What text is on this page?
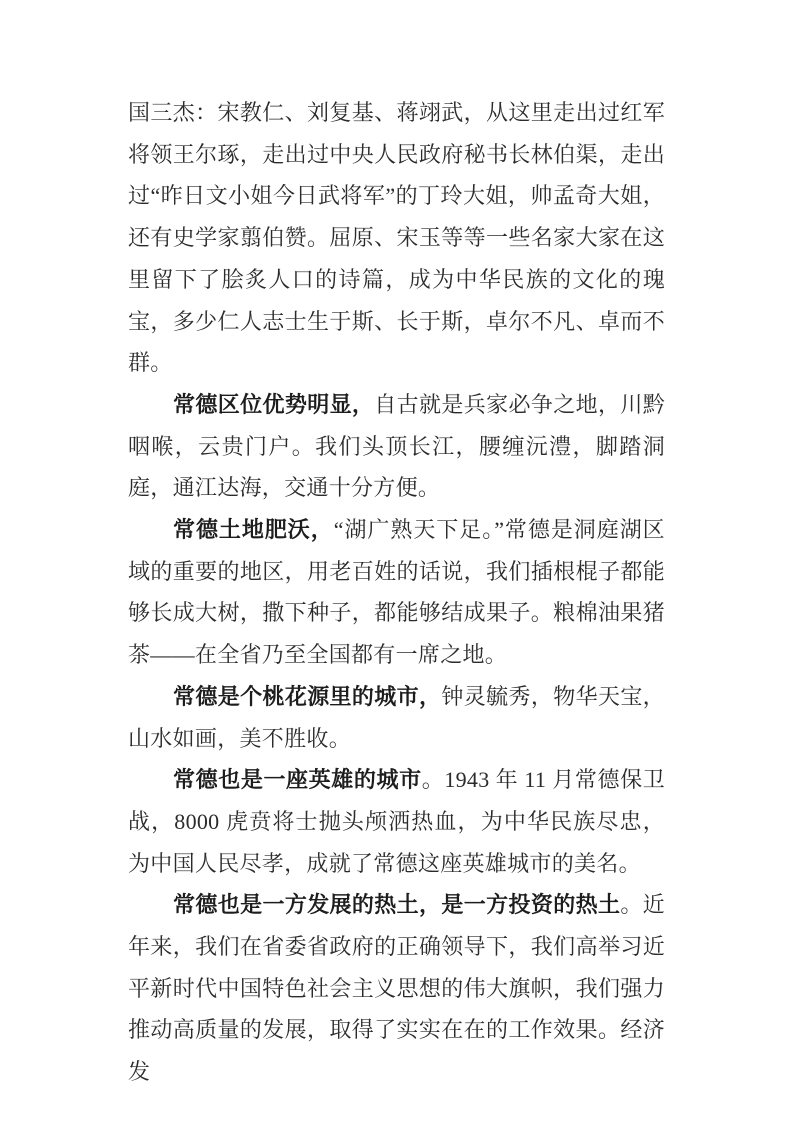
国三杰：宋教仁、刘复基、蒋翊武，从这里走出过红军将领王尔琢，走出过中央人民政府秘书长林伯渠，走出过“昨日文小姐今日武将军”的丁玲大姐，帅孟奇大姐，还有史学家翦伯赞。屈原、宋玉等等一些名家大家在这里留下了脍炙人口的诗篇，成为中华民族的文化的瑰宝，多少仁人志士生于斯、长于斯，卓尔不凡、卓而不群。

常德区位优势明显，自古就是兵家必争之地，川黔咽喉，云贵门户。我们头顶长江，腰缠沅澧，脚踏洞庭，通江达海，交通十分方便。

常德土地肥沃，“湖广熟天下足。”常德是洞庭湖区域的重要的地区，用老百姓的话说，我们插根棍子都能够长成大树，撒下种子，都能够结成果子。粮棉油果猪茶——在全省乃至全国都有一席之地。

常德是个桃花源里的城市，钟灵毓秀，物华天宝，山水如画，美不胜收。

常德也是一座英雄的城市。1943 年 11 月常德保卫战，8000 虎贲将士抛头颅洒热血，为中华民族尽忠，为中国人民尽孝，成就了常德这座英雄城市的美名。

常德也是一方发展的热土，是一方投资的热土。近年来，我们在省委省政府的正确领导下，我们高举习近平新时代中国特色社会主义思想的伟大旗帜，我们强力推动高质量的发展，取得了实实在在的工作效果。经济发
